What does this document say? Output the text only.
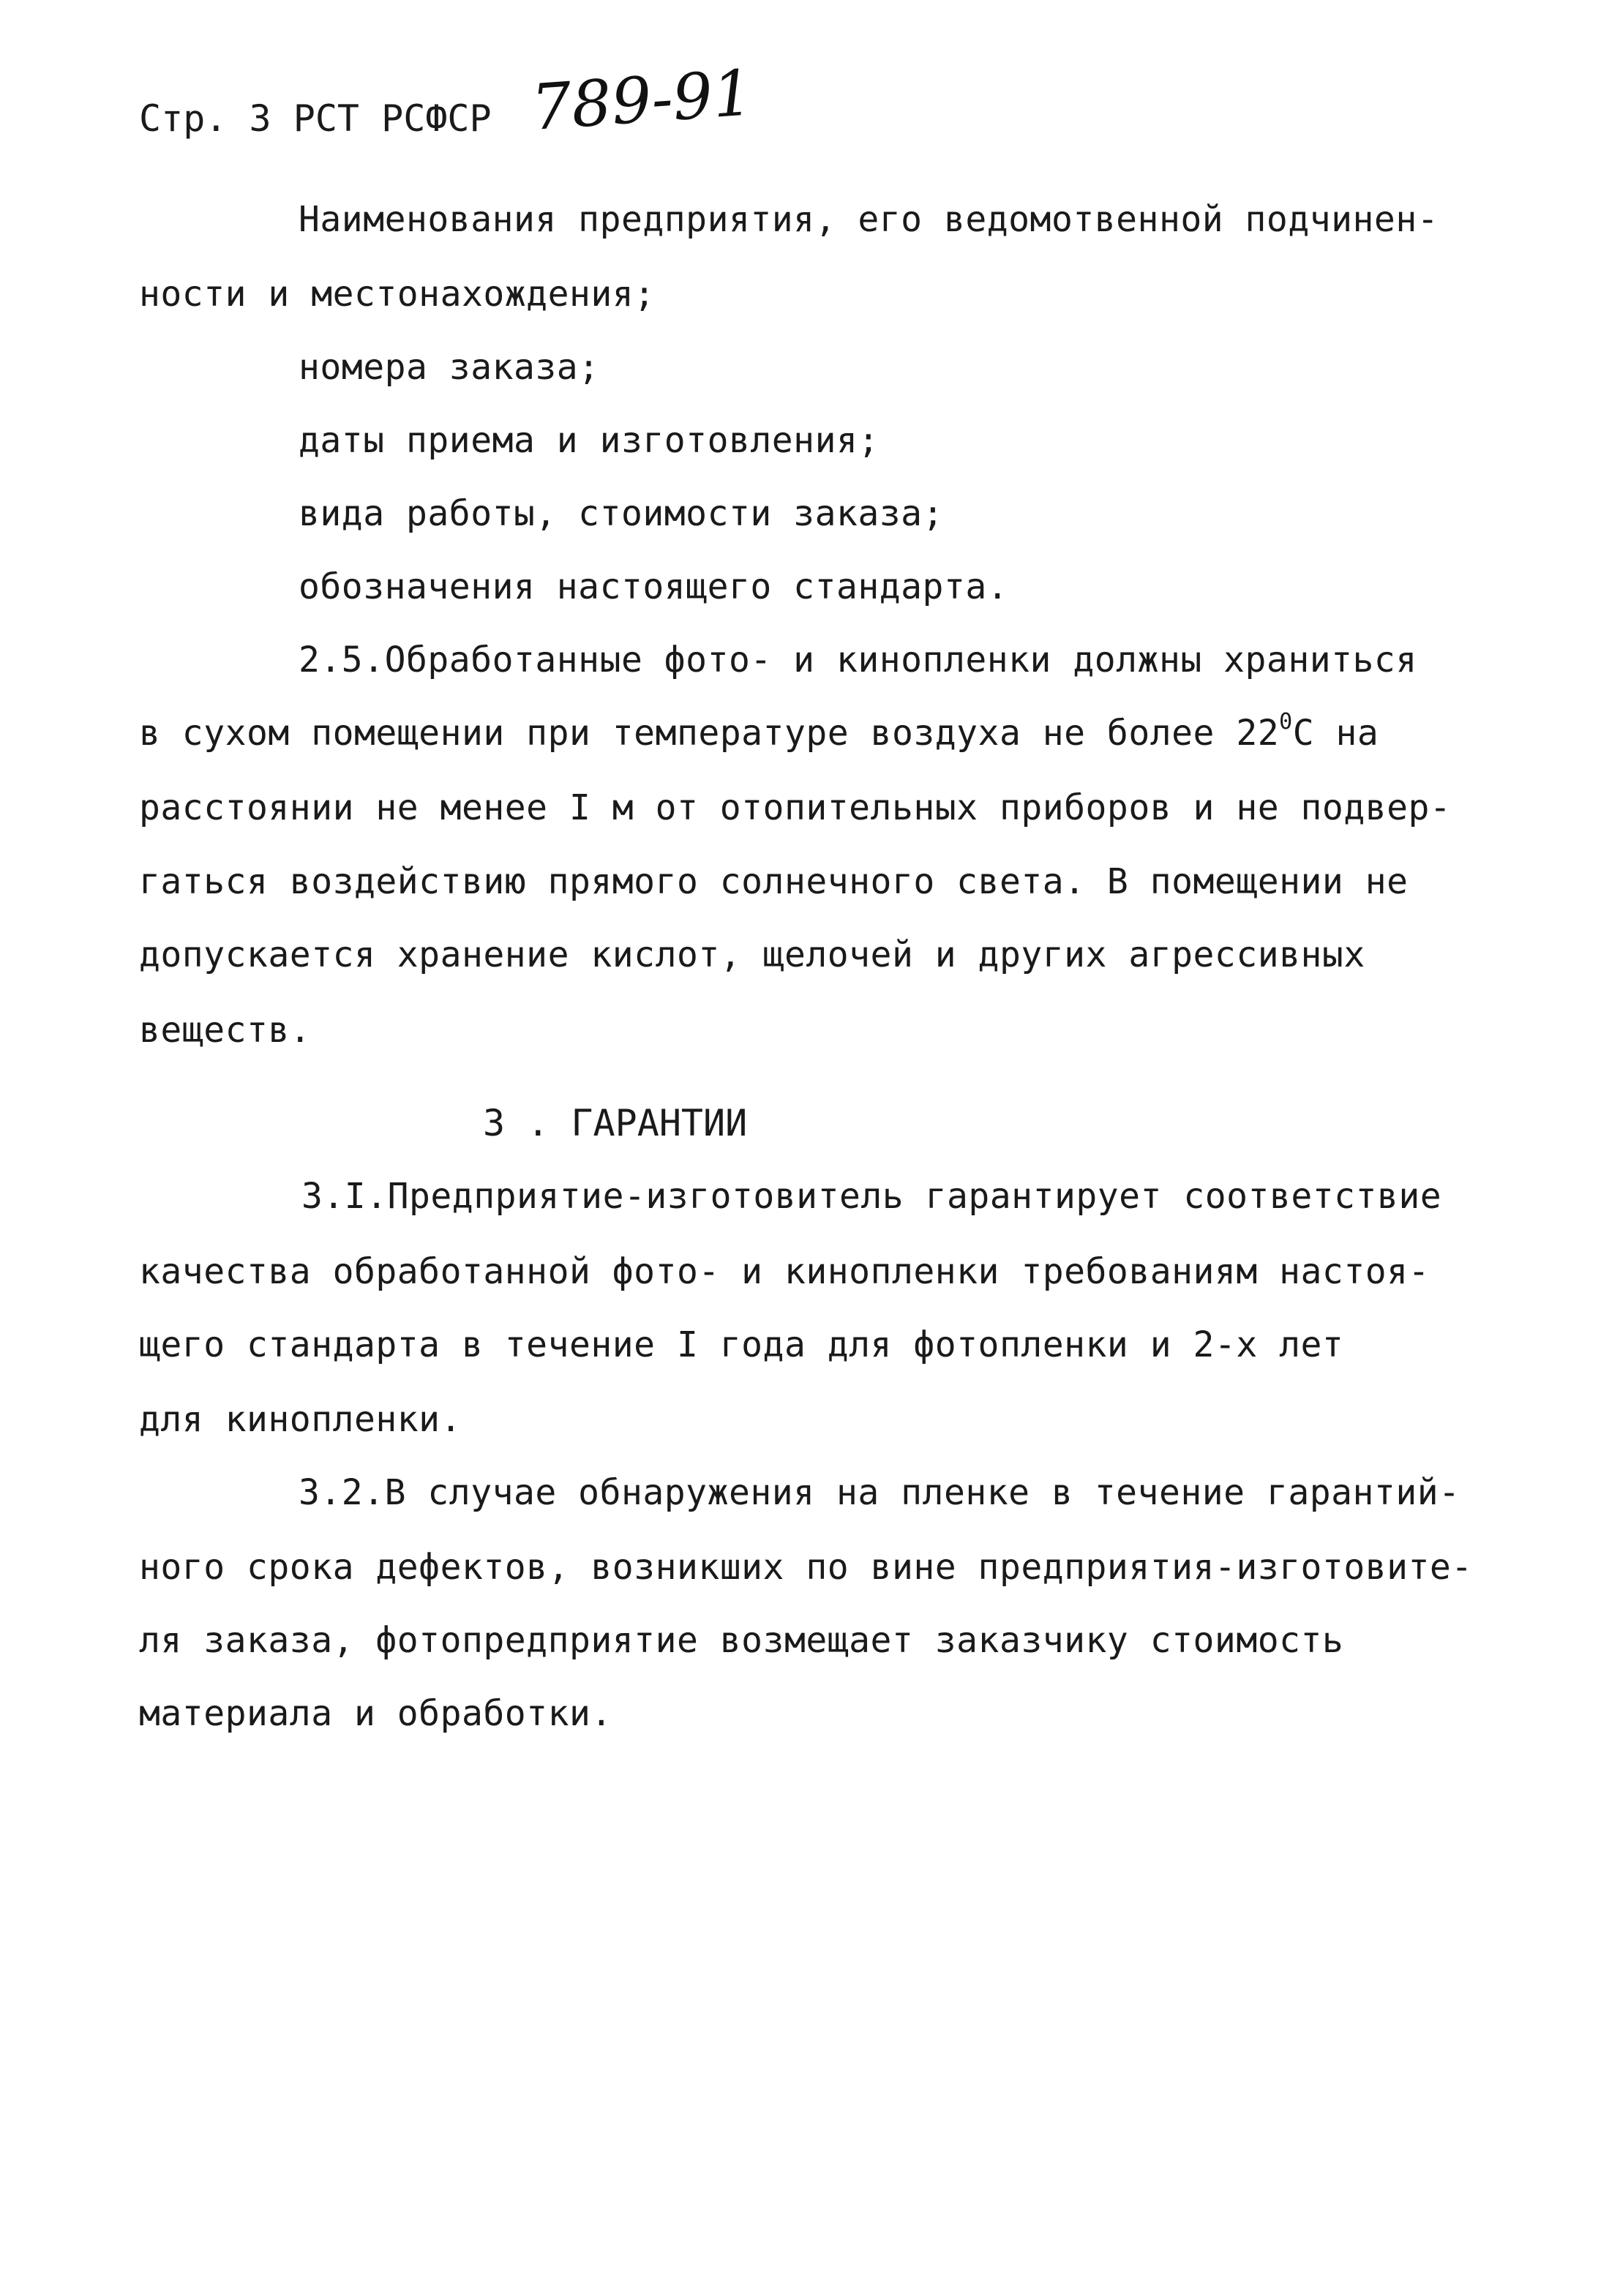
Стр. 3 РСТ РСФСР 789-91
Наименования предприятия, его ведомотвенной подчинен-
ности и местонахождения;
номера заказа;
даты приема и изготовления;
вида работы, стоимости заказа;
обозначения настоящего стандарта.
2.5.Обработанные фото- и кинопленки должны храниться
в сухом помещении при температуре воздуха не более $22^0С$ на
расстоянии не менее I м от отопительных приборов и не подвер-
гаться воздействию прямого солнечного света. В помещении не
допускается хранение кислот, щелочей и других агрессивных
веществ.
3 . ГАРАНТИИ
3.I.Предприятие-изготовитель гарантирует соответствие
качества обработанной фото- и кинопленки требованиям настоя-
щего стандарта в течение I года для фотопленки и 2-х лет
для кинопленки.
3.2.В случае обнаружения на пленке в течение гарантий-
ного срока дефектов, возникших по вине предприятия-изготовите-
ля заказа, фотопредприятие возмещает заказчику стоимость
материала и обработки.
